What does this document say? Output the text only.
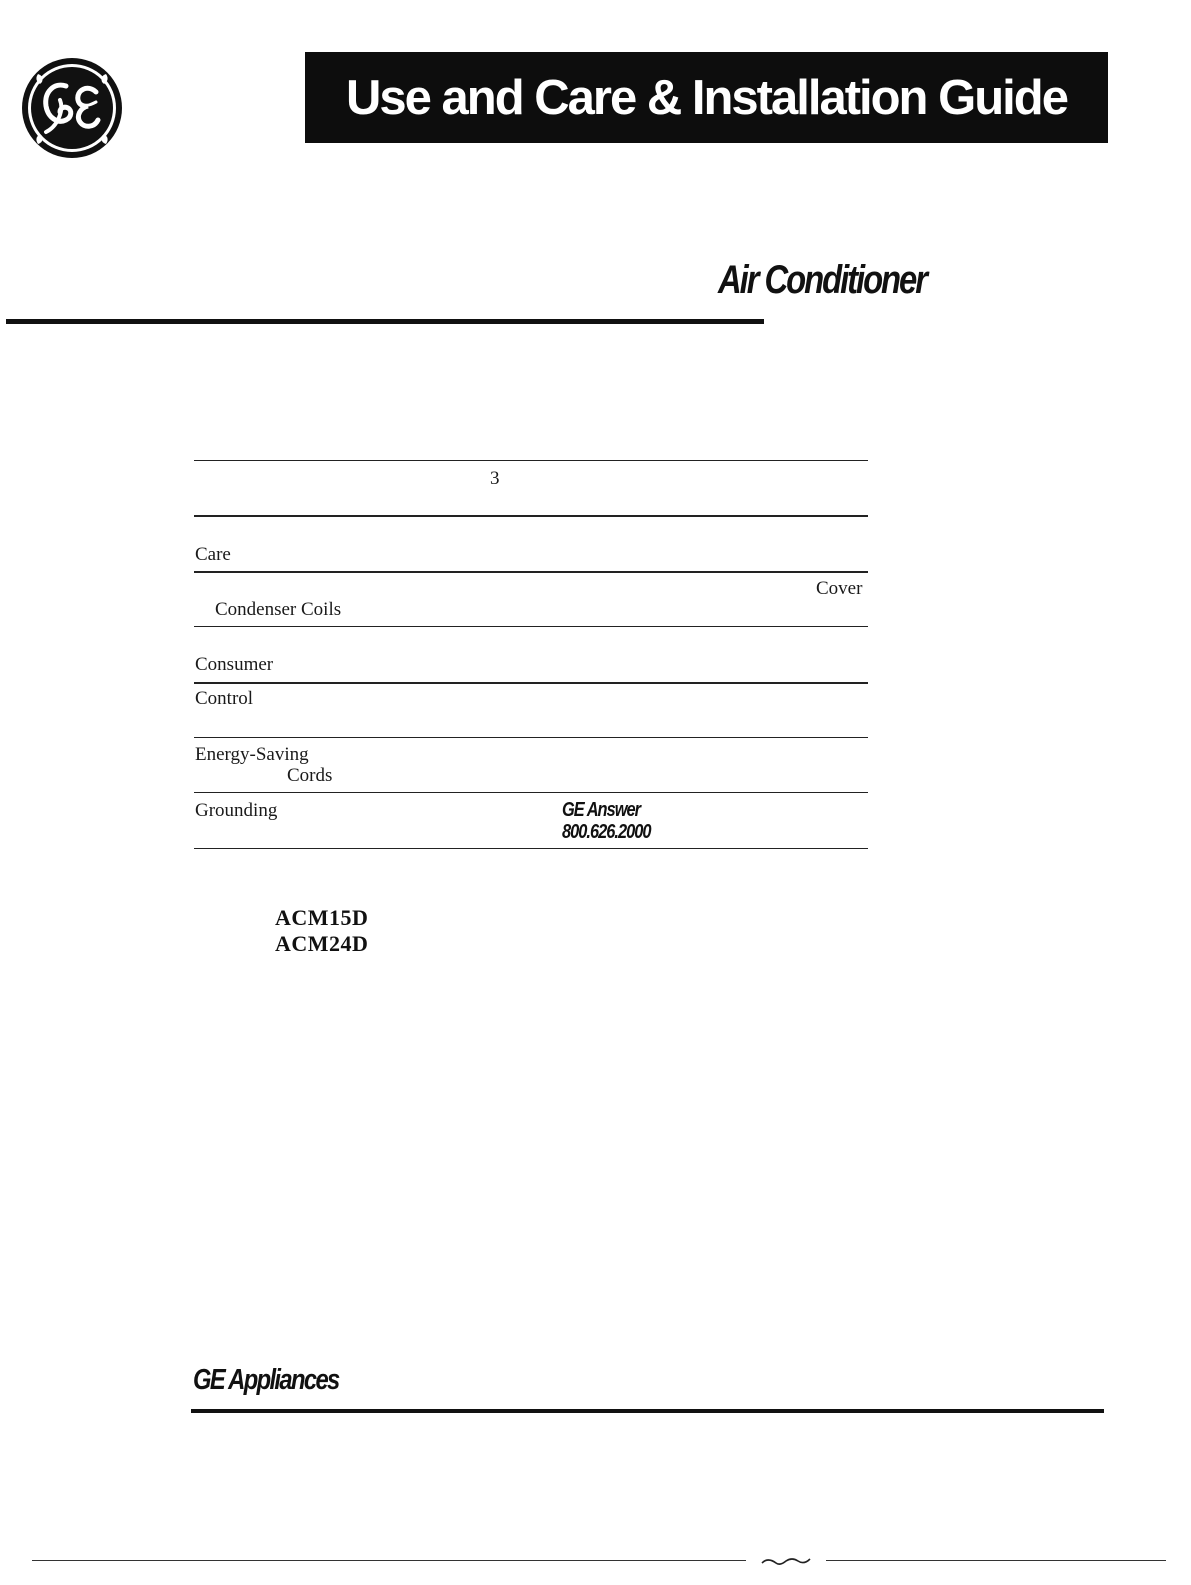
Use and Care & Installation Guide
Air Conditioner
3
Care
Cover
Condenser Coils
Consumer
Control
Energy-Saving
Cords
Grounding	GE Answer
800.626.2000
ACM15D
ACM24D
GE Appliances
